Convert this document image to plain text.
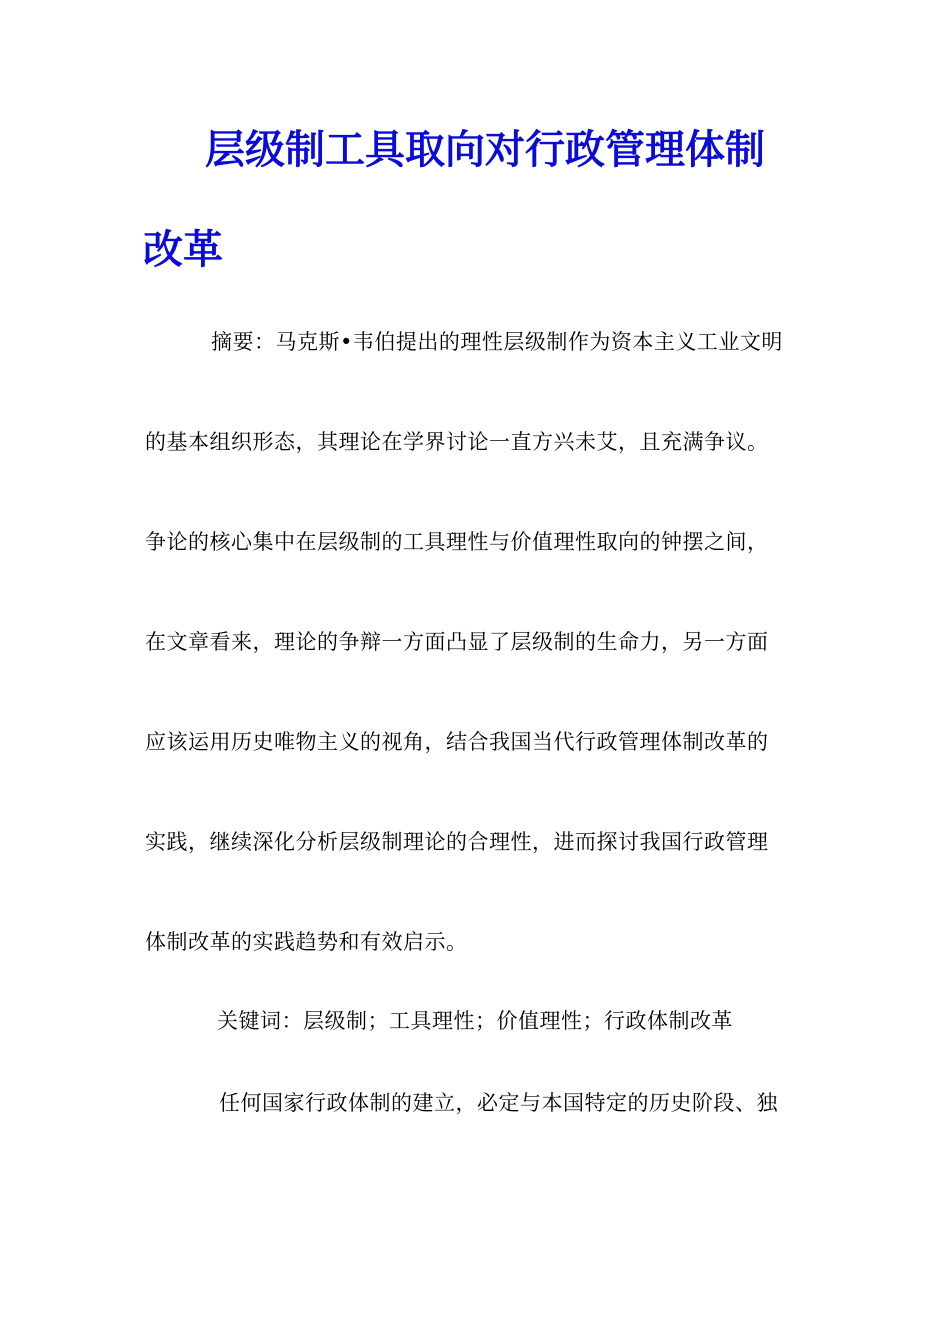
层级制工具取向对行政管理体制
改革
摘要：马克斯•韦伯提出的理性层级制作为资本主义工业文明
的基本组织形态，其理论在学界讨论一直方兴未艾，且充满争议。
争论的核心集中在层级制的工具理性与价值理性取向的钟摆之间，
在文章看来，理论的争辩一方面凸显了层级制的生命力，另一方面
应该运用历史唯物主义的视角，结合我国当代行政管理体制改革的
实践，继续深化分析层级制理论的合理性，进而探讨我国行政管理
体制改革的实践趋势和有效启示。
关键词：层级制；工具理性；价值理性；行政体制改革
任何国家行政体制的建立，必定与本国特定的历史阶段、独
